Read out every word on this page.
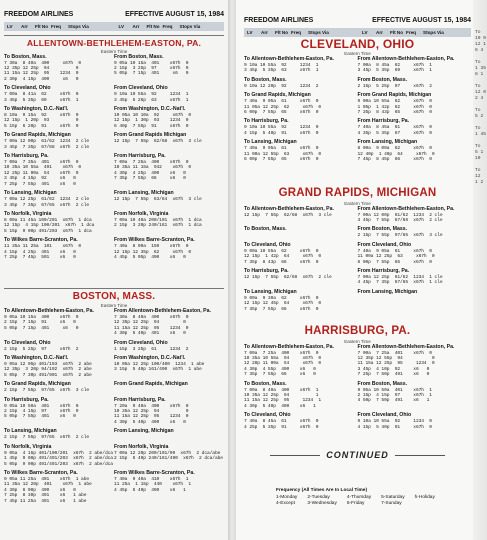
FREEDOM AIRLINES	EFFECTIVE AUGUST 15, 1984
LV	Arr	Flt No Freq	Stops Via	LV	Arr	Flt No Freq	Stops Via
ALLENTOWN-BETHLEHEM-EASTON, PA.
Eastern Time
To Boston, Mass.
7 30a  8 40a  400     x67h  0
12 35p 12 25p  94          0
11 15a 12 25p  95    1234  0
2 30p  4 15p  490     x6   0
From Boston, Mass.
9 05a 10 15a  401    x67h  0
2 15p  3 25p  97     x67h  0
5 05p  7 15p  491     x6   0
To Cleveland, Ohio
7 00a  8 41a  62     x67h  0
3 45p  5 35p  69     x67h  1
From Cleveland, Ohio
9 10a 10 55a  92     1234  1
3 45p  5 26p  63     x67h  1
To Washington, D.C.-Nat'l.
8 10a  9 15a  92     x67h  0
12 15p  1 20p  93          0
5 15p  6 20p  91     x67h  0
From Washington, D.C.-Nat'l.
10 05a 10 10a  92     x67h  0
12 15p  1 30p  93    1234  0
6 40p  7 55p  91     x67h  0
To Grand Rapids, Michigan
7 00a 12 00p  61/62  1234  2 cle
3 45p  7 35p  67/68  x67h  2 cle
From Grand Rapids Michigan
12 15p  7 55p  62/68  x67h  3 cle
To Harrisburg, Pa.
7 00a  7 35a  401    x67h  0
10 35a 10 55a  491    x67h  0
12 25p 11 00a  54    x67h  0
3 45p  4 15p  92     x6   0
7 25p  7 55p  491    x6   0
From Harrisburg, Pa.
7 00a  7 25a  400    x67h  0
10 35a 11 15a  942    x67h  0
4 30p  4 25p  490    x6   0
7 35p  7 55p  66     x6   0
To Lansing, Michigan
7 00a 12 25p  61/62  1234  2 cle
3 45p  7 35p  67/65  x67h  2 cle
From Lansing, Michigan
12 15p  7 55p  63/64  x67h  3 cle
To Norfolk, Virginia
8 00a 11 45a 100/201  x67h  1 dca
12 15p  4 15p 100/201  x67h  1 dca
5 15p  9 00p 491/203  x67h  1 dca
From Norfolk, Virginia
7 00a 10 40a 200/101  x67h  1 dca
2 15p  3 20p 240/161  x67h  1 dca
To Wilkes Barre-Scranton, Pa.
11 35a 11 25a  101    x67h  0
4 15p  4 25p  491    x6   0
7 25p  7 45p  501    x6   0
From Wilkes Barre-Scranton, Pa.
7 40a  8 00a  150    x67h  0
12 15p 12 35p  62     x67h  0
4 45p  5 05p  490    x6   0
BOSTON, MASS.
Eastern Time
To Allentown-Bethlehem-Easton, Pa.
9 05a 10 15a  400    x67h  0
2 15p  7 15p  91     x6   0
5 05p  7 15p  491     x6   0
From Allentown-Bethlehem-Easton, Pa.
7 30a  8 40a  400    x67h  0
12 35p 12 25p  94         0
11 15a 12 25p  95    1234  0
4 30p  5 40p  491    x6   0
To Cleveland, Ohio
2 15p  5 25p  97     x67h  2
From Cleveland, Ohio
1 15p  3 25p  61     1234  2
To Washington, D.C.-Nat'l.
9 05a 12 05p 401/193  x67h  2 abe
12 35p  3 20p 94/192  x67h  2 abe
5 05p  7 30p 491/901  x67h  2 abe
From Washington, D.C.-Nat'l.
10 05a 12 25p 100/400  1234  1 abe
3 15p  5 40p 161/490  x67h  1 abe
To Grand Rapids, Michigan
2 15p  7 55p  97/65  x67h  3 cle
From Grand Rapids, Michigan
To Harrisburg, Pa.
9 05a 10 50a  401    x67h  0
2 15p  4 15p  97     x67h  0
5 05p  7 55p  491    x6   0
From Harrisburg, Pa.
7 20a  9 40a  400    x67h  0
10 35a 12 25p  94          0
11 15a 12 25p  95    1234  0
4 30p  5 40p  490    x6   0
To Lansing, Michigan
2 15p  7 55p  97/65  x67h  2 cle
From Lansing, Michigan
To Norfolk, Virginia
9 05a  4 15p 401/100/201  x67h  2 abe/dca
1 45p  9 00p 491/491/203  x67h  2 abe/dca
5 05p  9 00p 491/491/203  x67h  2 abe/dca
From Norfolk, Virginia
7 00a 12 20p 200/101/90  x67h  2 dca/abe
2 15p  5 40p 240/161/490  x67h  2 dca/abe
To Wilkes Barre-Scranton, Pa.
9 05a 11 25a  401    x67h  1 abe
11 35a 12 20p  401    x67h  1 abe
4 30p  6 00p  490    x6   0
7 25p  8 30p  491    x6   1 abe
7 45p 11 25a  491    x6   1 abe
From Wilkes Barre-Scranton, Pa.
7 40a  9 40a  410    x67h  1
11 25a  1 15p  440    x67h  1
4 45p  5 40p  490    x6   1
FREEDOM AIRLINES	EFFECTIVE AUGUST 15, 1984
LV	Arr	Flt No Freq	Stops Via	LV	Arr	Flt No Freq	Stops Via
CLEVELAND, OHIO
Eastern Time
To Allentown-Bethlehem-Easton, Pa.
9 10a 10 55a  92     1234  1
3 45p  5 35p  63     x67h  1
From Allentown-Bethlehem-Easton, Pa.
7 00a  8 45a  62     x67h  1
3 45p  5 35p  69     x67h  1
To Boston, Mass.
9 10a 12 20p  92     1234  2
From Boston, Mass.
2 15p  5 25p  97     x67h  2
To Grand Rapids, Michigan
7 40a  9 05a  61     x67h  0
11 05a 12 25p  62     x67h  0
6 00p  7 55p  65     x67h  0
From Grand Rapids, Michigan
9 00a 10 55a  62     x67h  0
1 05p  1 42p  62     x67h  0
7 35p  8 43p  65     x67h  0
To Harrisburg, Pa.
9 10a 10 55a  92     1234  0
4 15p  5 40p  91     x67h  0
From Harrisburg, Pa.
7 40a  8 45a  61     x67h  0
4 35p  5 35p  67     x67h  0
To Lansing, Michigan
7 40a  9 05a  61     x67h  0
11 00a 12 55p  63     x67h  0
6 00p  7 55p  65     x67h  0
From Lansing, Michigan
8 00a  9 00a  62     x67h  0
12 40p  1 40p  64     x67h  0
7 45p  8 45p  66     x67h  0
GRAND RAPIDS, MICHIGAN
Eastern Time
To Allentown-Bethlehem-Easton, Pa.
12 15p  7 55p  62/68  x67h  3 cle
From Allentown-Bethlehem-Easton, Pa.
7 00a 12 00p  61/62  1234  2 cle
3 45p  7 55p  67/68  x67h  2 cle
To Boston, Mass.	From Boston, Mass.
2 15p  7 55p  97/65  x67h  3 cle
To Cleveland, Ohio
9 00a 10 55a  62     x67h  0
12 15p  1 42p  64     x67h  0
7 35p  8 43p  66     x67h  0
From Cleveland, Ohio
7 40a  9 05a  61     x67h  0
11 00a 12 25p  63     x67h  0
6 00p  7 55p  65     x67h  0
To Harrisburg, Pa.
12 15p  7 55p  62/68  x67h  2 cle
From Harrisburg, Pa.
7 00a 12 25p  61/62  1234  1 cle
4 45p  7 35p  67/65  x67h  1 cle
To Lansing, Michigan
9 00a  9 30a  62     x67h  0
12 15p 12 45p  64     x67h  0
7 35p  7 55p  66     x67h  0
From Lansing, Michigan
HARRISBURG, PA.
Eastern Time
To Allentown-Bethlehem-Easton, Pa.
7 00a  7 25a  400    x67h  0
10 35a 10 55a  94     x67h  0
12 20p 11 00a  54     x67h  0
4 30p  4 55p  490    x6   0
7 35p  7 55p  66     x6   0
From Allentown-Bethlehem-Easton, Pa.
7 00a  7 25a  401    x67h  0
12 35p 12 55p  94           0
11 15a 12 25p  95     1234  0
3 45p  4 10p  92     x6   0
7 25p  7 50p  491    x6   0
To Boston, Mass.
7 00a  8 40a  400    x67h  1
10 35a 12 25p  94          1
11 15a 12 25p  95     1234  1
4 30p  5 40p  490    x6   1
From Boston, Mass.
9 05a 10 50a  401    x67h  1
2 15p  4 15p  97     x67h  1
4 50p  7 50p  491    x6   1
To Cleveland, Ohio
7 40a  8 45a  61     x67h  0
4 25p  5 35p  91     x67h  0
From Cleveland, Ohio
9 10a 10 55a  92     1234  0
4 15p  5 40p  91     x67h  0
CONTINUED
Frequency (All Times Are In Local Time)
1-Monday
4-Except
2-Tuesday
3-Wednesday
4-Thursday
5-Friday
5-Saturday
7-Sunday
h-Holiday
To
10 0
12 1
6 4

To
1 35
8 1

To
12 0
2 4

To
5 2

To
1 45

To
5 1
10

To
12
1 2
